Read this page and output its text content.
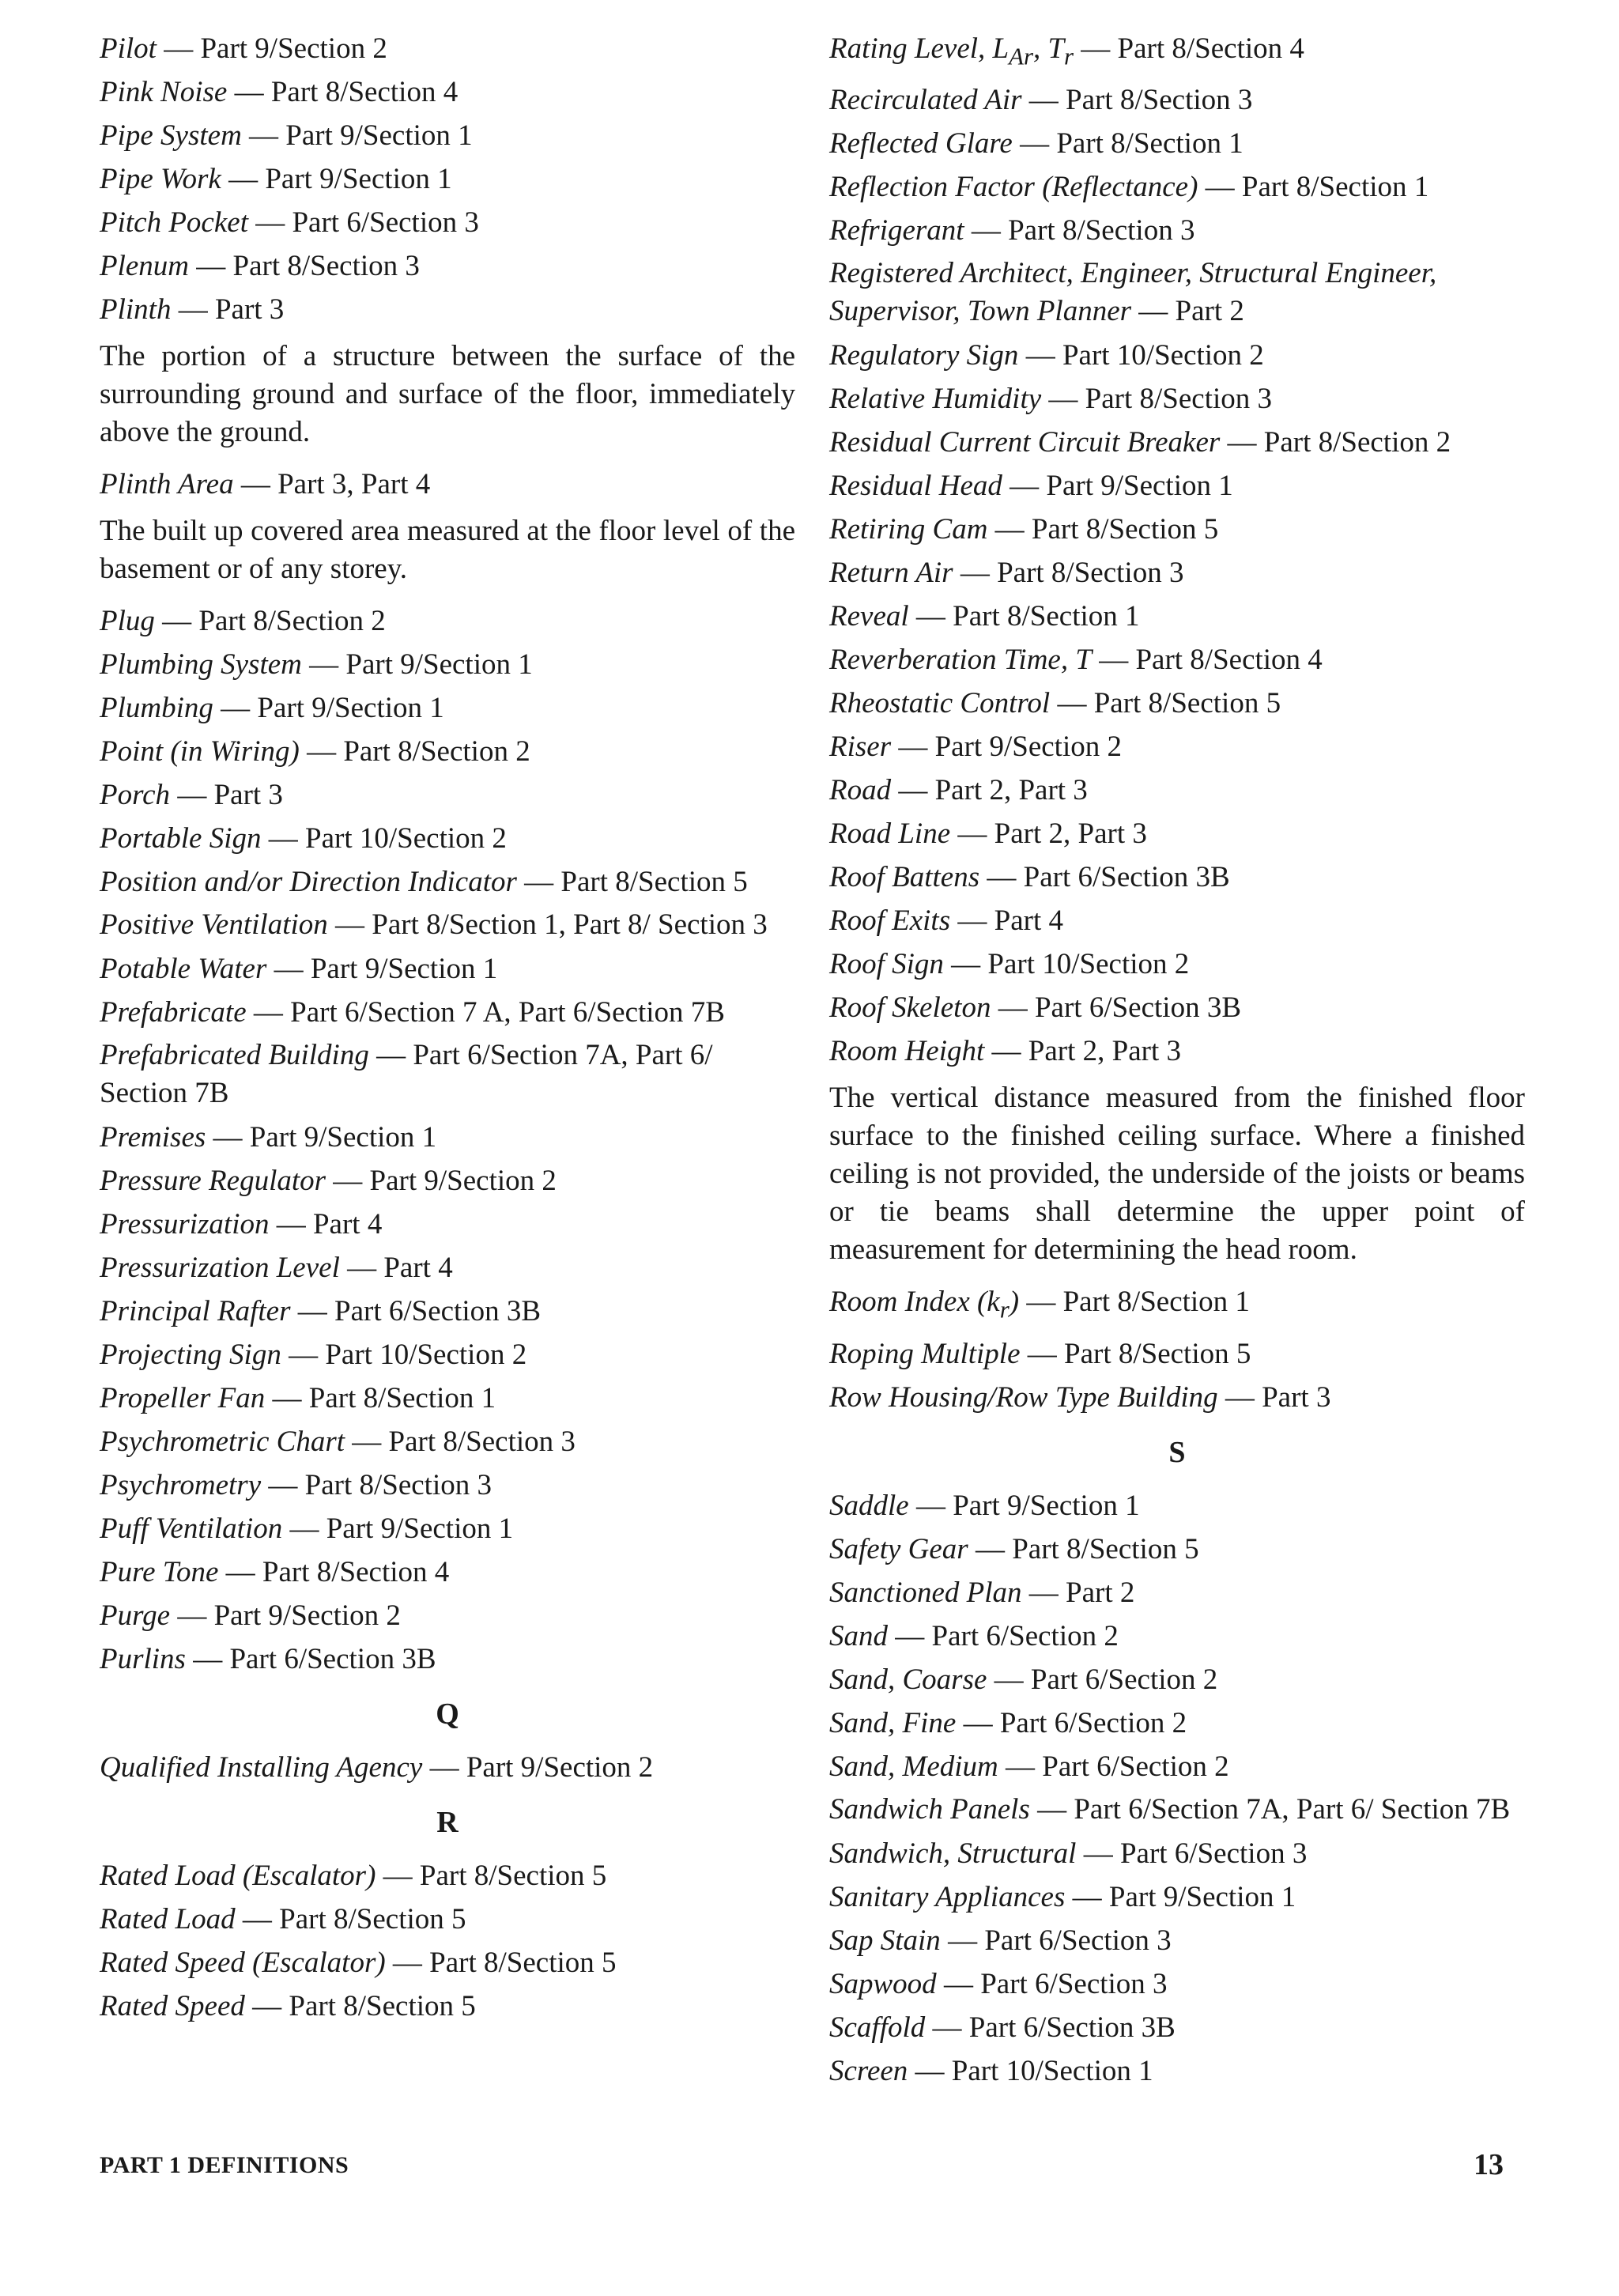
Pilot — Part 9/Section 2
Pink Noise — Part 8/Section 4
Pipe System — Part 9/Section 1
Pipe Work — Part 9/Section 1
Pitch Pocket — Part 6/Section 3
Plenum — Part 8/Section 3
Plinth — Part 3
The portion of a structure between the surface of the surrounding ground and surface of the floor, immediately above the ground.
Plinth Area — Part 3, Part 4
The built up covered area measured at the floor level of the basement or of any storey.
Plug — Part 8/Section 2
Plumbing System — Part 9/Section 1
Plumbing — Part 9/Section 1
Point (in Wiring) — Part 8/Section 2
Porch — Part 3
Portable Sign — Part 10/Section 2
Position and/or Direction Indicator — Part 8/Section 5
Positive Ventilation — Part 8/Section 1, Part 8/ Section 3
Potable Water — Part 9/Section 1
Prefabricate — Part 6/Section 7 A, Part 6/Section 7B
Prefabricated Building — Part 6/Section 7A, Part 6/ Section 7B
Premises — Part 9/Section 1
Pressure Regulator — Part 9/Section 2
Pressurization — Part 4
Pressurization Level — Part 4
Principal Rafter — Part 6/Section 3B
Projecting Sign — Part 10/Section 2
Propeller Fan — Part 8/Section 1
Psychrometric Chart — Part 8/Section 3
Psychrometry — Part 8/Section 3
Puff Ventilation — Part 9/Section 1
Pure Tone — Part 8/Section 4
Purge — Part 9/Section 2
Purlins — Part 6/Section 3B
Q
Qualified Installing Agency — Part 9/Section 2
R
Rated Load (Escalator) — Part 8/Section 5
Rated Load — Part 8/Section 5
Rated Speed (Escalator) — Part 8/Section 5
Rated Speed — Part 8/Section 5
Rating Level, $L_{Ar}$, $T_r$ — Part 8/Section 4
Recirculated Air — Part 8/Section 3
Reflected Glare — Part 8/Section 1
Reflection Factor (Reflectance) — Part 8/Section 1
Refrigerant — Part 8/Section 3
Registered Architect, Engineer, Structural Engineer, Supervisor, Town Planner — Part 2
Regulatory Sign — Part 10/Section 2
Relative Humidity — Part 8/Section 3
Residual Current Circuit Breaker — Part 8/Section 2
Residual Head — Part 9/Section 1
Retiring Cam — Part 8/Section 5
Return Air — Part 8/Section 3
Reveal — Part 8/Section 1
Reverberation Time, T — Part 8/Section 4
Rheostatic Control — Part 8/Section 5
Riser — Part 9/Section 2
Road — Part 2, Part 3
Road Line — Part 2, Part 3
Roof Battens — Part 6/Section 3B
Roof Exits — Part 4
Roof Sign — Part 10/Section 2
Roof Skeleton — Part 6/Section 3B
Room Height — Part 2, Part 3
The vertical distance measured from the finished floor surface to the finished ceiling surface. Where a finished ceiling is not provided, the underside of the joists or beams or tie beams shall determine the upper point of measurement for determining the head room.
Room Index $(k_r)$ — Part 8/Section 1
Roping Multiple — Part 8/Section 5
Row Housing/Row Type Building — Part 3
S
Saddle — Part 9/Section 1
Safety Gear — Part 8/Section 5
Sanctioned Plan — Part 2
Sand — Part 6/Section 2
Sand, Coarse — Part 6/Section 2
Sand, Fine — Part 6/Section 2
Sand, Medium — Part 6/Section 2
Sandwich Panels — Part 6/Section 7A, Part 6/ Section 7B
Sandwich, Structural — Part 6/Section 3
Sanitary Appliances — Part 9/Section 1
Sap Stain — Part 6/Section 3
Sapwood — Part 6/Section 3
Scaffold — Part 6/Section 3B
Screen — Part 10/Section 1
PART 1 DEFINITIONS	13
